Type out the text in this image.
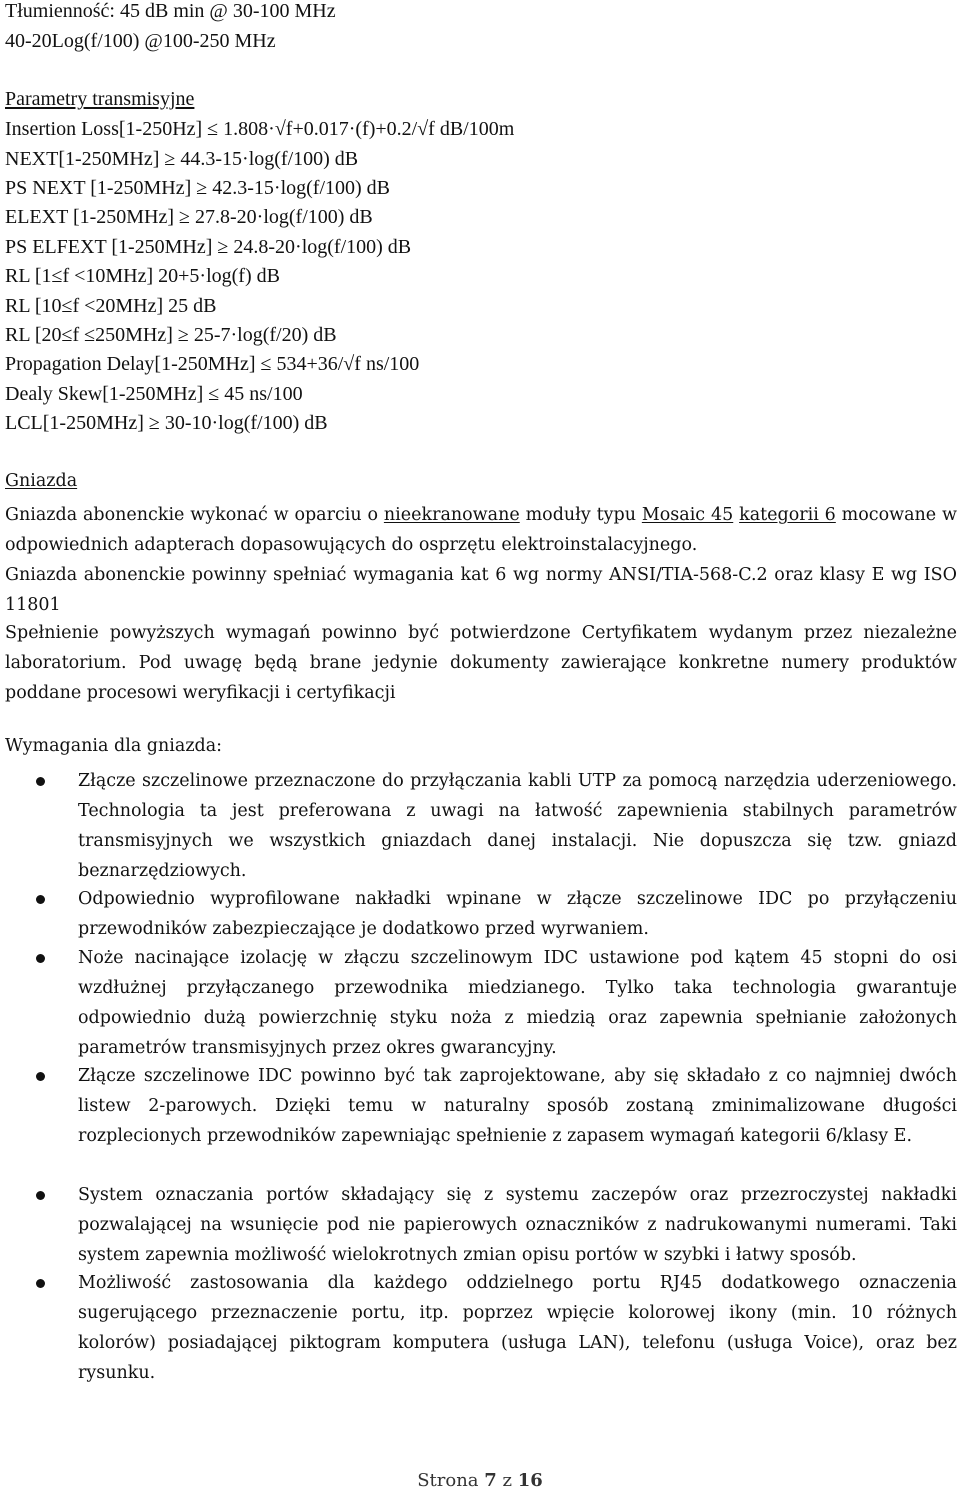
Tłumienność: 45 dB min @ 30-100 MHz
40-20Log(f/100) @100-250 MHz
Parametry transmisyjne
Insertion Loss[1-250Hz] ≤ 1.808·√f+0.017·(f)+0.2/√f dB/100m
NEXT[1-250MHz] ≥ 44.3-15·log(f/100) dB
PS NEXT [1-250MHz] ≥ 42.3-15·log(f/100) dB
ELEXT [1-250MHz] ≥ 27.8-20·log(f/100) dB
PS ELFEXT [1-250MHz] ≥ 24.8-20·log(f/100) dB
RL [1≤f <10MHz] 20+5·log(f) dB
RL [10≤f <20MHz] 25 dB
RL [20≤f ≤250MHz] ≥ 25-7·log(f/20) dB
Propagation Delay[1-250MHz] ≤ 534+36/√f ns/100
Dealy Skew[1-250MHz] ≤ 45 ns/100
LCL[1-250MHz] ≥ 30-10·log(f/100) dB
Gniazda
Gniazda abonenckie wykonać w oparciu o nieekranowane moduły typu Mosaic 45 kategorii 6 mocowane w odpowiednich adapterach dopasowujących do osprzętu elektroinstalacyjnego.
Gniazda abonenckie powinny spełniać wymagania kat 6 wg normy ANSI/TIA-568-C.2 oraz klasy E wg ISO 11801
Spełnienie powyższych wymagań powinno być potwierdzone Certyfikatem wydanym przez niezależne laboratorium. Pod uwagę będą brane jedynie dokumenty zawierające konkretne numery produktów poddane procesowi weryfikacji i certyfikacji
Wymagania dla gniazda:
Złącze szczelinowe przeznaczone do przyłączania kabli UTP za pomocą narzędzia uderzeniowego. Technologia ta jest preferowana z uwagi na łatwość zapewnienia stabilnych parametrów transmisyjnych we wszystkich gniazdach danej instalacji. Nie dopuszcza się tzw. gniazd beznarzędziowych.
Odpowiednio wyprofilowane nakładki wpinane w złącze szczelinowe IDC po przyłączeniu przewodników zabezpieczające je dodatkowo przed wyrwaniem.
Noże nacinające izolację w złączu szczelinowym IDC ustawione pod kątem 45 stopni do osi wzdłużnej przyłączanego przewodnika miedzianego. Tylko taka technologia gwarantuje odpowiednio dużą powierzchnię styku noża z miedzią oraz zapewnia spełnianie założonych parametrów transmisyjnych przez okres gwarancyjny.
Złącze szczelinowe IDC powinno być tak zaprojektowane, aby się składało z co najmniej dwóch listew 2-parowych. Dzięki temu w naturalny sposób zostaną zminimalizowane długości rozplecionych przewodników zapewniając spełnienie z zapasem wymagań kategorii 6/klasy E.
System oznaczania portów składający się z systemu zaczepów oraz przezroczystej nakładki pozwalającej na wsunięcie pod nie papierowych oznaczników z nadrukowanymi numerami. Taki system zapewnia możliwość wielokrotnych zmian opisu portów w szybki i łatwy sposób.
Możliwość zastosowania dla każdego oddzielnego portu RJ45 dodatkowego oznaczenia sugerującego przeznaczenie portu, itp. poprzez wpięcie kolorowej ikony (min. 10 różnych kolorów) posiadającej piktogram komputera (usługa LAN), telefonu (usługa Voice), oraz bez rysunku.
Strona 7 z 16
